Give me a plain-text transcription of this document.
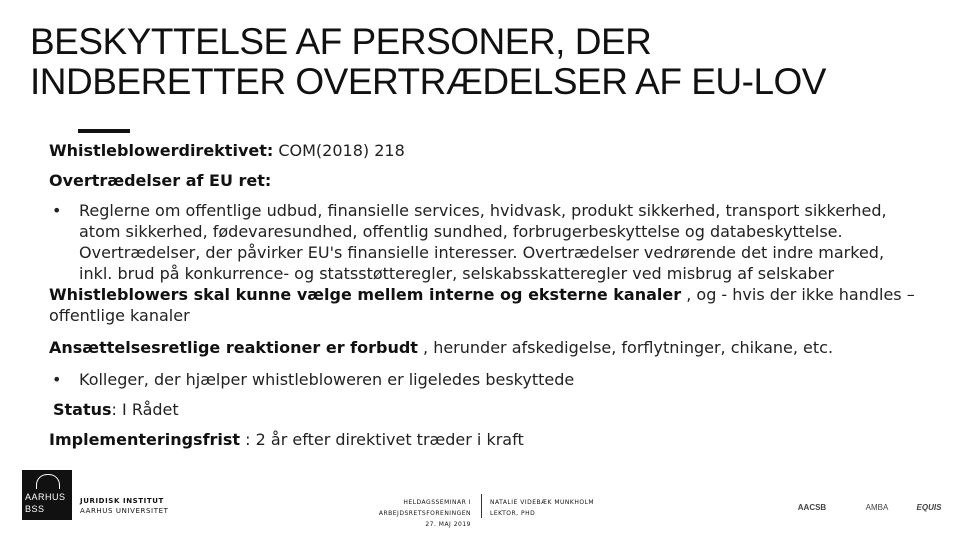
BESKYTTELSE AF PERSONER, DER
INDBERETTER OVERTRÆDELSER AF EU-LOV
Whistleblowerdirektivet: COM(2018) 218
Overtrædelser af EU ret:
• Reglerne om offentlige udbud, finansielle services, hvidvask, produkt sikkerhed, transport sikkerhed,
atom sikkerhed, fødevaresundhed, offentlig sundhed, forbrugerbeskyttelse og databeskyttelse.
Overtrædelser, der påvirker EU's finansielle interesser. Overtrædelser vedrørende det indre marked,
inkl. brud på konkurrence- og statsstøtteregler, selskabsskatteregler ved misbrug af selskaber
Whistleblowers skal kunne vælge mellem interne og eksterne kanaler , og - hvis der ikke handles –
offentlige kanaler
Ansættelsesretlige reaktioner er forbudt , herunder afskedigelse, forflytninger, chikane, etc.
• Kolleger, der hjælper whistlebloweren er ligeledes beskyttede
Status: I Rådet
Implementeringsfrist : 2 år efter direktivet træder i kraft
AARHUS
BSS
JURIDISK INSTITUT
AARHUS UNIVERSITET
HELDAGSSEMINAR I ARBEJDSRETSFORENINGEN
27. MAJ 2019
NATALIE VIDEBÆK MUNKHOLM
LEKTOR, PHD
AACSB	AMBA	EQUIS
